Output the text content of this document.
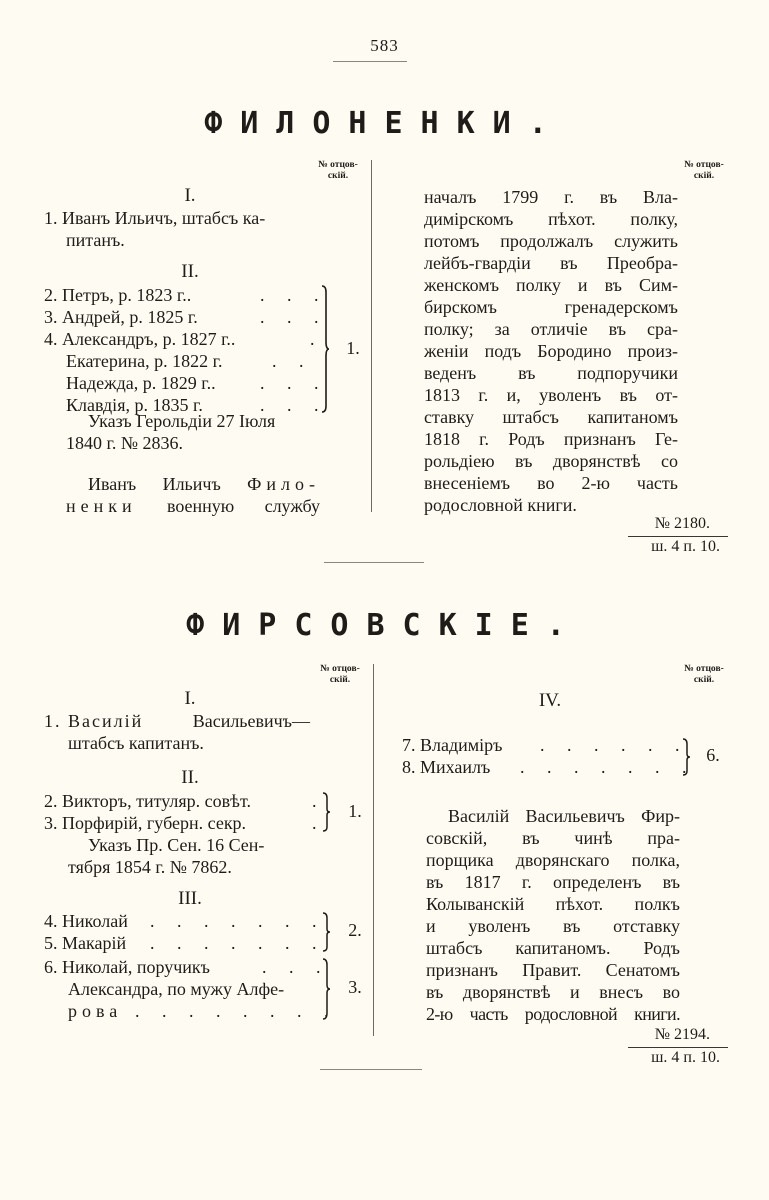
583
ФИЛОНЕНКИ.
№ отцов-
скій.
I.
1. Иванъ Ильичъ, штабсъ ка-
питанъ.
II.
2. Петръ, р. 1823 г..
3. Андрей, р. 1825 г.
4. Александръ, р. 1827 г..
Екатерина, р. 1822 г.
Надежда, р. 1829 г..
Клавдія, р. 1835 г.
. . .
. . .
.
. .
. . .
. . .
1.
Указъ Герольдіи 27 Іюля
1840 г. № 2836.
Иванъ Ильичъ Фило-
ненки военную службу
№ отцов-
скій.
началъ 1799 г. въ Вла-
димірскомъ пѣхот. полку,
потомъ продолжалъ служить
лейбъ-гвардіи въ Преобра-
женскомъ полку и въ Сим-
бирскомъ гренадерскомъ
полку; за отличіе въ сра-
женіи подъ Бородино произ-
веденъ въ подпоручики
1813 г. и, уволенъ въ от-
ставку штабсъ капитаномъ
1818 г. Родъ признанъ Ге-
рольдіею въ дворянствѣ со
внесеніемъ во 2-ю часть
родословной книги.
№ 2180.
ш. 4 п. 10.
ФИРСОВСКІЕ.
№ отцов-
скій.
I.
1. Василій	Васильевичъ—
штабсъ капитанъ.
II.
2. Викторъ, титуляр. совѣт.
3. Порфирій, губерн. секр.
.
.
1.
Указъ Пр. Сен. 16 Сен-
тября 1854 г. № 7862.
III.
4. Николай
5. Макарій
. . . . . . .
. . . . . . .
2.
6. Николай, поручикъ
Александра, по мужу Алфе-
рова
. . .
. . . . . . . .
3.
№ отцов-
скій.
IV.
7. Владиміръ
8. Михаилъ
. . . . . .
. . . . . . .
6.
Василій Васильевичъ Фир-
совскій, въ чинѣ пра-
порщика дворянскаго полка,
въ 1817 г. определенъ въ
Колыванскій пѣхот. полкъ
и уволенъ въ отставку
штабсъ капитаномъ. Родъ
признанъ Правит. Сенатомъ
въ дворянствѣ и внесъ во
2-ю часть родословной книги.
№ 2194.
ш. 4 п. 10.
